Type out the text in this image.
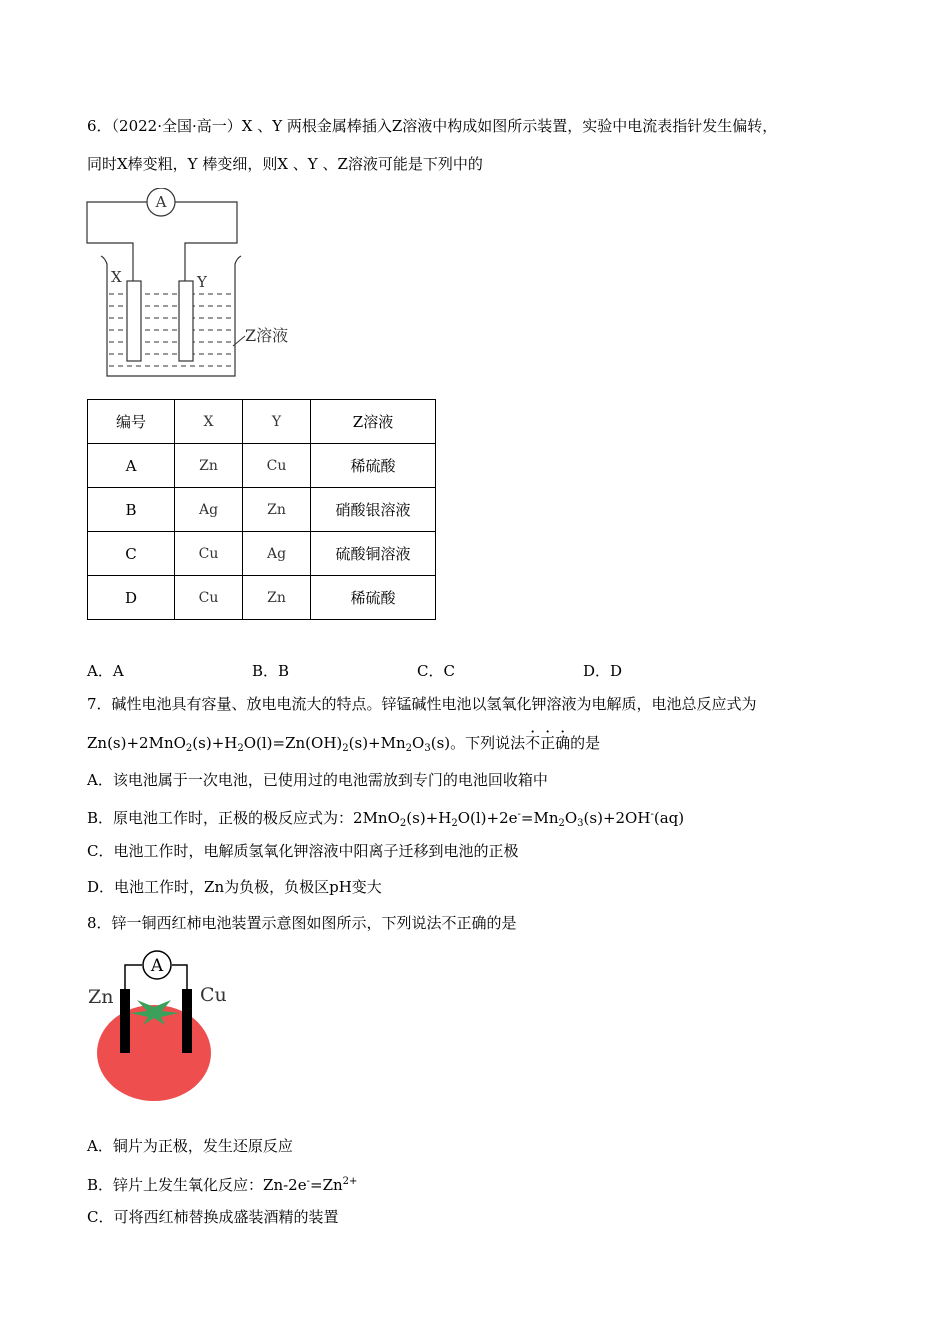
6．（2022·全国·高一）X 、Y 两根金属棒插入Z溶液中构成如图所示装置，实验中电流表指针发生偏转，
同时X棒变粗，Y 棒变细，则X 、Y 、Z溶液可能是下列中的
A
X	Y
Z溶液
编号	X	Y	Z溶液
A	Zn	Cu	稀硫酸
B	Ag	Zn	硝酸银溶液
C	Cu	Ag	硫酸铜溶液
D	Cu	Zn	稀硫酸
A．A	B．B	C．C	D．D
7．碱性电池具有容量、放电电流大的特点。锌锰碱性电池以氢氧化钾溶液为电解质，电池总反应式为
$Zn(s)+2MnO_2(s)+H_2O(l)=Zn(OH)_2(s)+Mn_2O_3(s)$。下列说法不正确的是
A．该电池属于一次电池，已使用过的电池需放到专门的电池回收箱中
B．原电池工作时，正极的极反应式为：$2MnO_2(s)+H_2O(l)+2e^-=Mn_2O_3(s)+2OH^-(aq)$
C．电池工作时，电解质氢氧化钾溶液中阳离子迁移到电池的正极
D．电池工作时，Zn为负极，负极区pH变大
8．锌一铜西红柿电池装置示意图如图所示，下列说法不正确的是
A
Zn	Cu
A．铜片为正极，发生还原反应
B．锌片上发生氧化反应：$Zn-2e^-=Zn^{2+}$
C．可将西红柿替换成盛装酒精的装置
